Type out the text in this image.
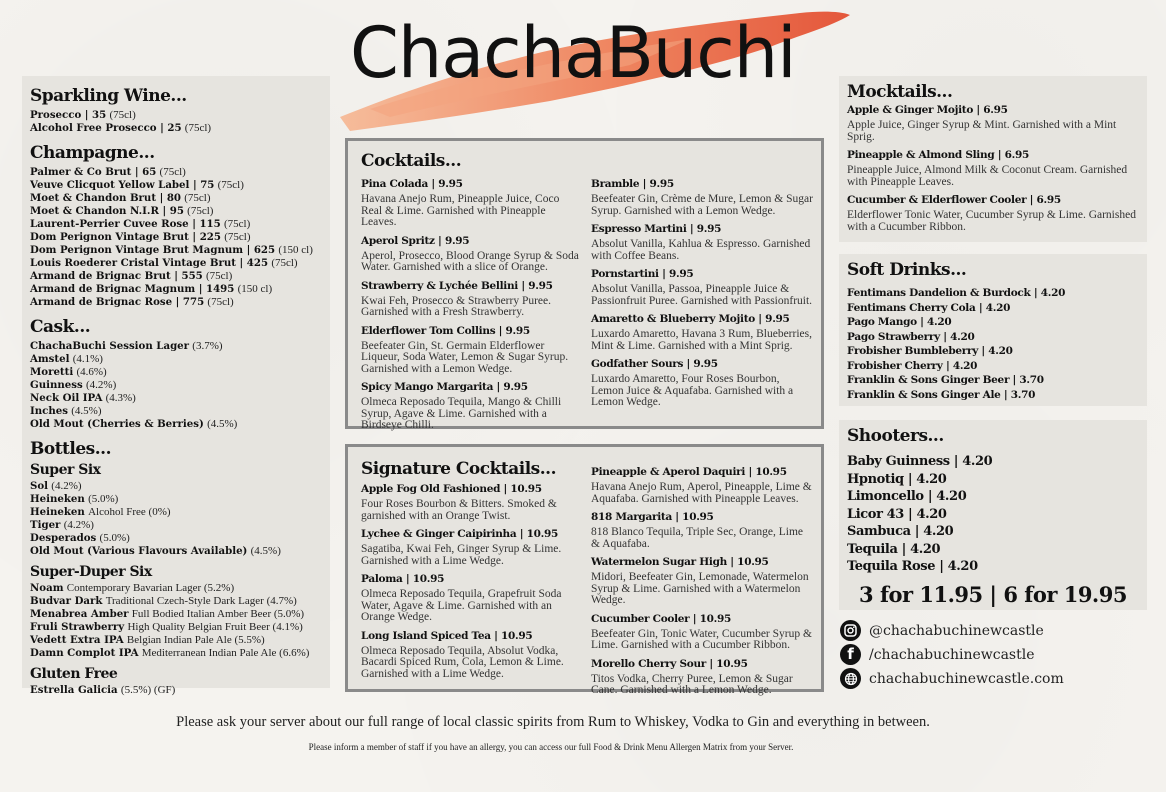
ChachaBuchi
Sparkling Wine...
Prosecco | 35 (75cl)
Alcohol Free Prosecco | 25 (75cl)
Champagne...
Palmer & Co Brut | 65 (75cl)
Veuve Clicquot Yellow Label | 75 (75cl)
Moet & Chandon Brut | 80 (75cl)
Moet & Chandon N.I.R | 95 (75cl)
Laurent-Perrier Cuvee Rose | 115 (75cl)
Dom Perignon Vintage Brut | 225 (75cl)
Dom Perignon Vintage Brut Magnum | 625 (150 cl)
Louis Roederer Cristal Vintage Brut | 425 (75cl)
Armand de Brignac Brut | 555 (75cl)
Armand de Brignac Magnum | 1495 (150 cl)
Armand de Brignac Rose | 775 (75cl)
Cask...
ChachaBuchi Session Lager (3.7%)
Amstel (4.1%)
Moretti (4.6%)
Guinness (4.2%)
Neck Oil IPA (4.3%)
Inches (4.5%)
Old Mout (Cherries & Berries) (4.5%)
Bottles...
Super Six
Sol (4.2%)
Heineken (5.0%)
Heineken Alcohol Free (0%)
Tiger (4.2%)
Desperados (5.0%)
Old Mout (Various Flavours Available) (4.5%)
Super-Duper Six
Noam Contemporary Bavarian Lager (5.2%)
Budvar Dark Traditional Czech-Style Dark Lager (4.7%)
Menabrea Amber Full Bodied Italian Amber Beer (5.0%)
Fruli Strawberry High Quality Belgian Fruit Beer (4.1%)
Vedett Extra IPA Belgian Indian Pale Ale (5.5%)
Damn Complot IPA Mediterranean Indian Pale Ale (6.6%)
Gluten Free
Estrella Galicia (5.5%) (GF)
Cocktails...
Pina Colada | 9.95
Havana Anejo Rum, Pineapple Juice, Coco Real & Lime. Garnished with Pineapple Leaves.
Aperol Spritz | 9.95
Aperol, Prosecco, Blood Orange Syrup & Soda Water. Garnished with a slice of Orange.
Strawberry & Lychée Bellini | 9.95
Kwai Feh, Prosecco & Strawberry Puree. Garnished with a Fresh Strawberry.
Elderflower Tom Collins | 9.95
Beefeater Gin, St. Germain Elderflower Liqueur, Soda Water, Lemon & Sugar Syrup. Garnished with a Lemon Wedge.
Spicy Mango Margarita | 9.95
Olmeca Reposado Tequila, Mango & Chilli Syrup, Agave & Lime. Garnished with a Birdseye Chilli.
Bramble | 9.95
Beefeater Gin, Crème de Mure, Lemon & Sugar Syrup. Garnished with a Lemon Wedge.
Espresso Martini | 9.95
Absolut Vanilla, Kahlua & Espresso. Garnished with Coffee Beans.
Pornstartini | 9.95
Absolut Vanilla, Passoa, Pineapple Juice & Passionfruit Puree. Garnished with Passionfruit.
Amaretto & Blueberry Mojito | 9.95
Luxardo Amaretto, Havana 3 Rum, Blueberries, Mint & Lime. Garnished with a Mint Sprig.
Godfather Sours | 9.95
Luxardo Amaretto, Four Roses Bourbon, Lemon Juice & Aquafaba. Garnished with a Lemon Wedge.
Signature Cocktails...
Apple Fog Old Fashioned | 10.95
Four Roses Bourbon & Bitters. Smoked & garnished with an Orange Twist.
Lychee & Ginger Caipirinha | 10.95
Sagatiba, Kwai Feh, Ginger Syrup & Lime. Garnished with a Lime Wedge.
Paloma | 10.95
Olmeca Reposado Tequila, Grapefruit Soda Water, Agave & Lime. Garnished with an Orange Wedge.
Long Island Spiced Tea | 10.95
Olmeca Reposado Tequila, Absolut Vodka, Bacardi Spiced Rum, Cola, Lemon & Lime. Garnished with a Lime Wedge.
Pineapple & Aperol Daquiri | 10.95
Havana Anejo Rum, Aperol, Pineapple, Lime & Aquafaba. Garnished with Pineapple Leaves.
818 Margarita | 10.95
818 Blanco Tequila, Triple Sec, Orange, Lime & Aquafaba.
Watermelon Sugar High | 10.95
Midori, Beefeater Gin, Lemonade, Watermelon Syrup & Lime. Garnished with a Watermelon Wedge.
Cucumber Cooler | 10.95
Beefeater Gin, Tonic Water, Cucumber Syrup & Lime. Garnished with a Cucumber Ribbon.
Morello Cherry Sour | 10.95
Titos Vodka, Cherry Puree, Lemon & Sugar Cane. Garnished with a Lemon Wedge.
Mocktails...
Apple & Ginger Mojito | 6.95
Apple Juice, Ginger Syrup & Mint. Garnished with a Mint Sprig.
Pineapple & Almond Sling | 6.95
Pineapple Juice, Almond Milk & Coconut Cream. Garnished with Pineapple Leaves.
Cucumber & Elderflower Cooler | 6.95
Elderflower Tonic Water, Cucumber Syrup & Lime. Garnished with a Cucumber Ribbon.
Soft Drinks...
Fentimans Dandelion & Burdock | 4.20
Fentimans Cherry Cola | 4.20
Pago Mango | 4.20
Pago Strawberry | 4.20
Frobisher Bumbleberry | 4.20
Frobisher Cherry | 4.20
Franklin & Sons Ginger Beer | 3.70
Franklin & Sons Ginger Ale | 3.70
Shooters...
Baby Guinness | 4.20
Hpnotiq | 4.20
Limoncello | 4.20
Licor 43 | 4.20
Sambuca | 4.20
Tequila | 4.20
Tequila Rose | 4.20
3 for 11.95 | 6 for 19.95
@chachabuchinewcastle
f	/chachabuchinewcastle
chachabuchinewcastle.com
Please ask your server about our full range of local classic spirits from Rum to Whiskey, Vodka to Gin and everything in between.
Please inform a member of staff if you have an allergy, you can access our full Food & Drink Menu Allergen Matrix from your Server.
